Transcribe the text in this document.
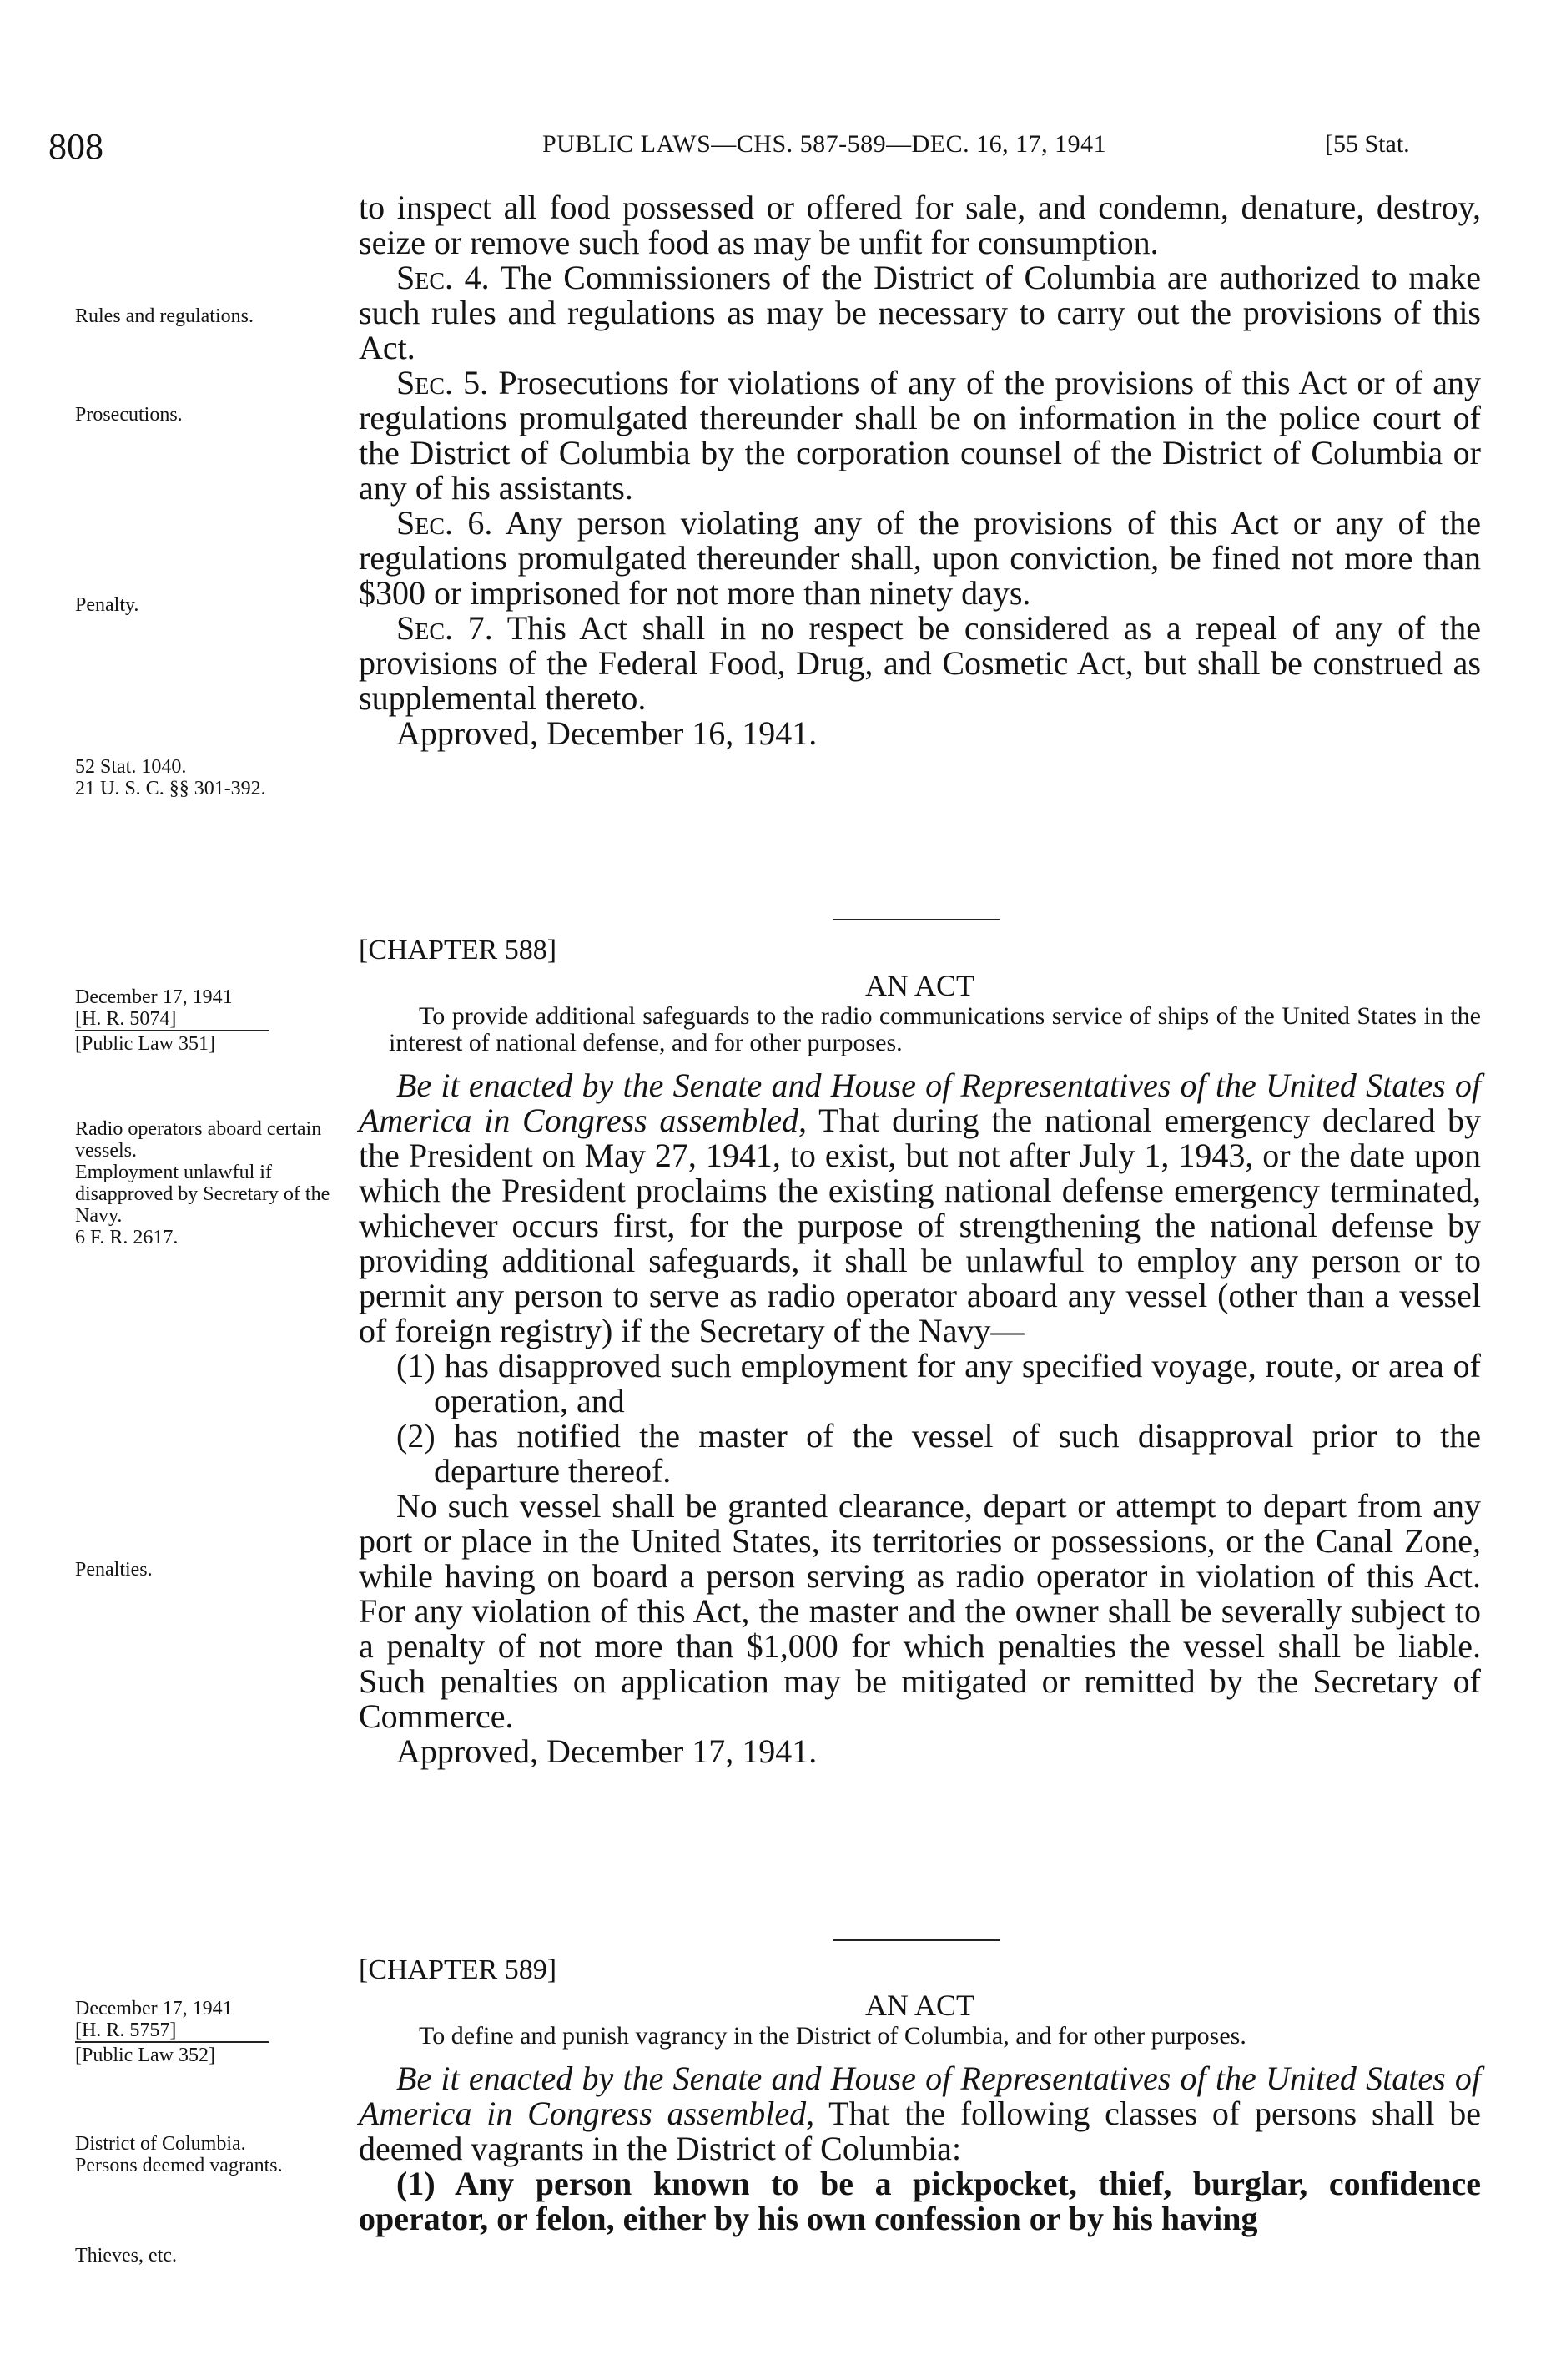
808	PUBLIC LAWS—CHS. 587-589—DEC. 16, 17, 1941	[55 Stat.

to inspect all food possessed or offered for sale, and condemn, denature, destroy, seize or remove such food as may be unfit for consumption.

Sec. 4. The Commissioners of the District of Columbia are authorized to make such rules and regulations as may be necessary to carry out the provisions of this Act.

Sec. 5. Prosecutions for violations of any of the provisions of this Act or of any regulations promulgated thereunder shall be on information in the police court of the District of Columbia by the corporation counsel of the District of Columbia or any of his assistants.

Sec. 6. Any person violating any of the provisions of this Act or any of the regulations promulgated thereunder shall, upon conviction, be fined not more than $300 or imprisoned for not more than ninety days.

Sec. 7. This Act shall in no respect be considered as a repeal of any of the provisions of the Federal Food, Drug, and Cosmetic Act, but shall be construed as supplemental thereto.

Approved, December 16, 1941.

[CHAPTER 588]

AN ACT

To provide additional safeguards to the radio communications service of ships of the United States in the interest of national defense, and for other purposes.

Be it enacted by the Senate and House of Representatives of the United States of America in Congress assembled, That during the national emergency declared by the President on May 27, 1941, to exist, but not after July 1, 1943, or the date upon which the President proclaims the existing national defense emergency terminated, whichever occurs first, for the purpose of strengthening the national defense by providing additional safeguards, it shall be unlawful to employ any person or to permit any person to serve as radio operator aboard any vessel (other than a vessel of foreign registry) if the Secretary of the Navy—

(1) has disapproved such employment for any specified voyage, route, or area of operation, and

(2) has notified the master of the vessel of such disapproval prior to the departure thereof.

No such vessel shall be granted clearance, depart or attempt to depart from any port or place in the United States, its territories or possessions, or the Canal Zone, while having on board a person serving as radio operator in violation of this Act. For any violation of this Act, the master and the owner shall be severally subject to a penalty of not more than $1,000 for which penalties the vessel shall be liable. Such penalties on application may be mitigated or remitted by the Secretary of Commerce.

Approved, December 17, 1941.

[CHAPTER 589]

AN ACT

To define and punish vagrancy in the District of Columbia, and for other purposes.

Be it enacted by the Senate and House of Representatives of the United States of America in Congress assembled, That the following classes of persons shall be deemed vagrants in the District of Columbia:

(1) Any person known to be a pickpocket, thief, burglar, confidence operator, or felon, either by his own confession or by his having

Rules and regulations.
Prosecutions.
Penalty.
52 Stat. 1040.
21 U. S. C. §§ 301-392.
December 17, 1941
[H. R. 5074]
[Public Law 351]
Radio operators aboard certain vessels.
Employment unlawful if disapproved by Secretary of the Navy.
6 F. R. 2617.
Penalties.
December 17, 1941
[H. R. 5757]
[Public Law 352]
District of Columbia.
Persons deemed vagrants.
Thieves, etc.
